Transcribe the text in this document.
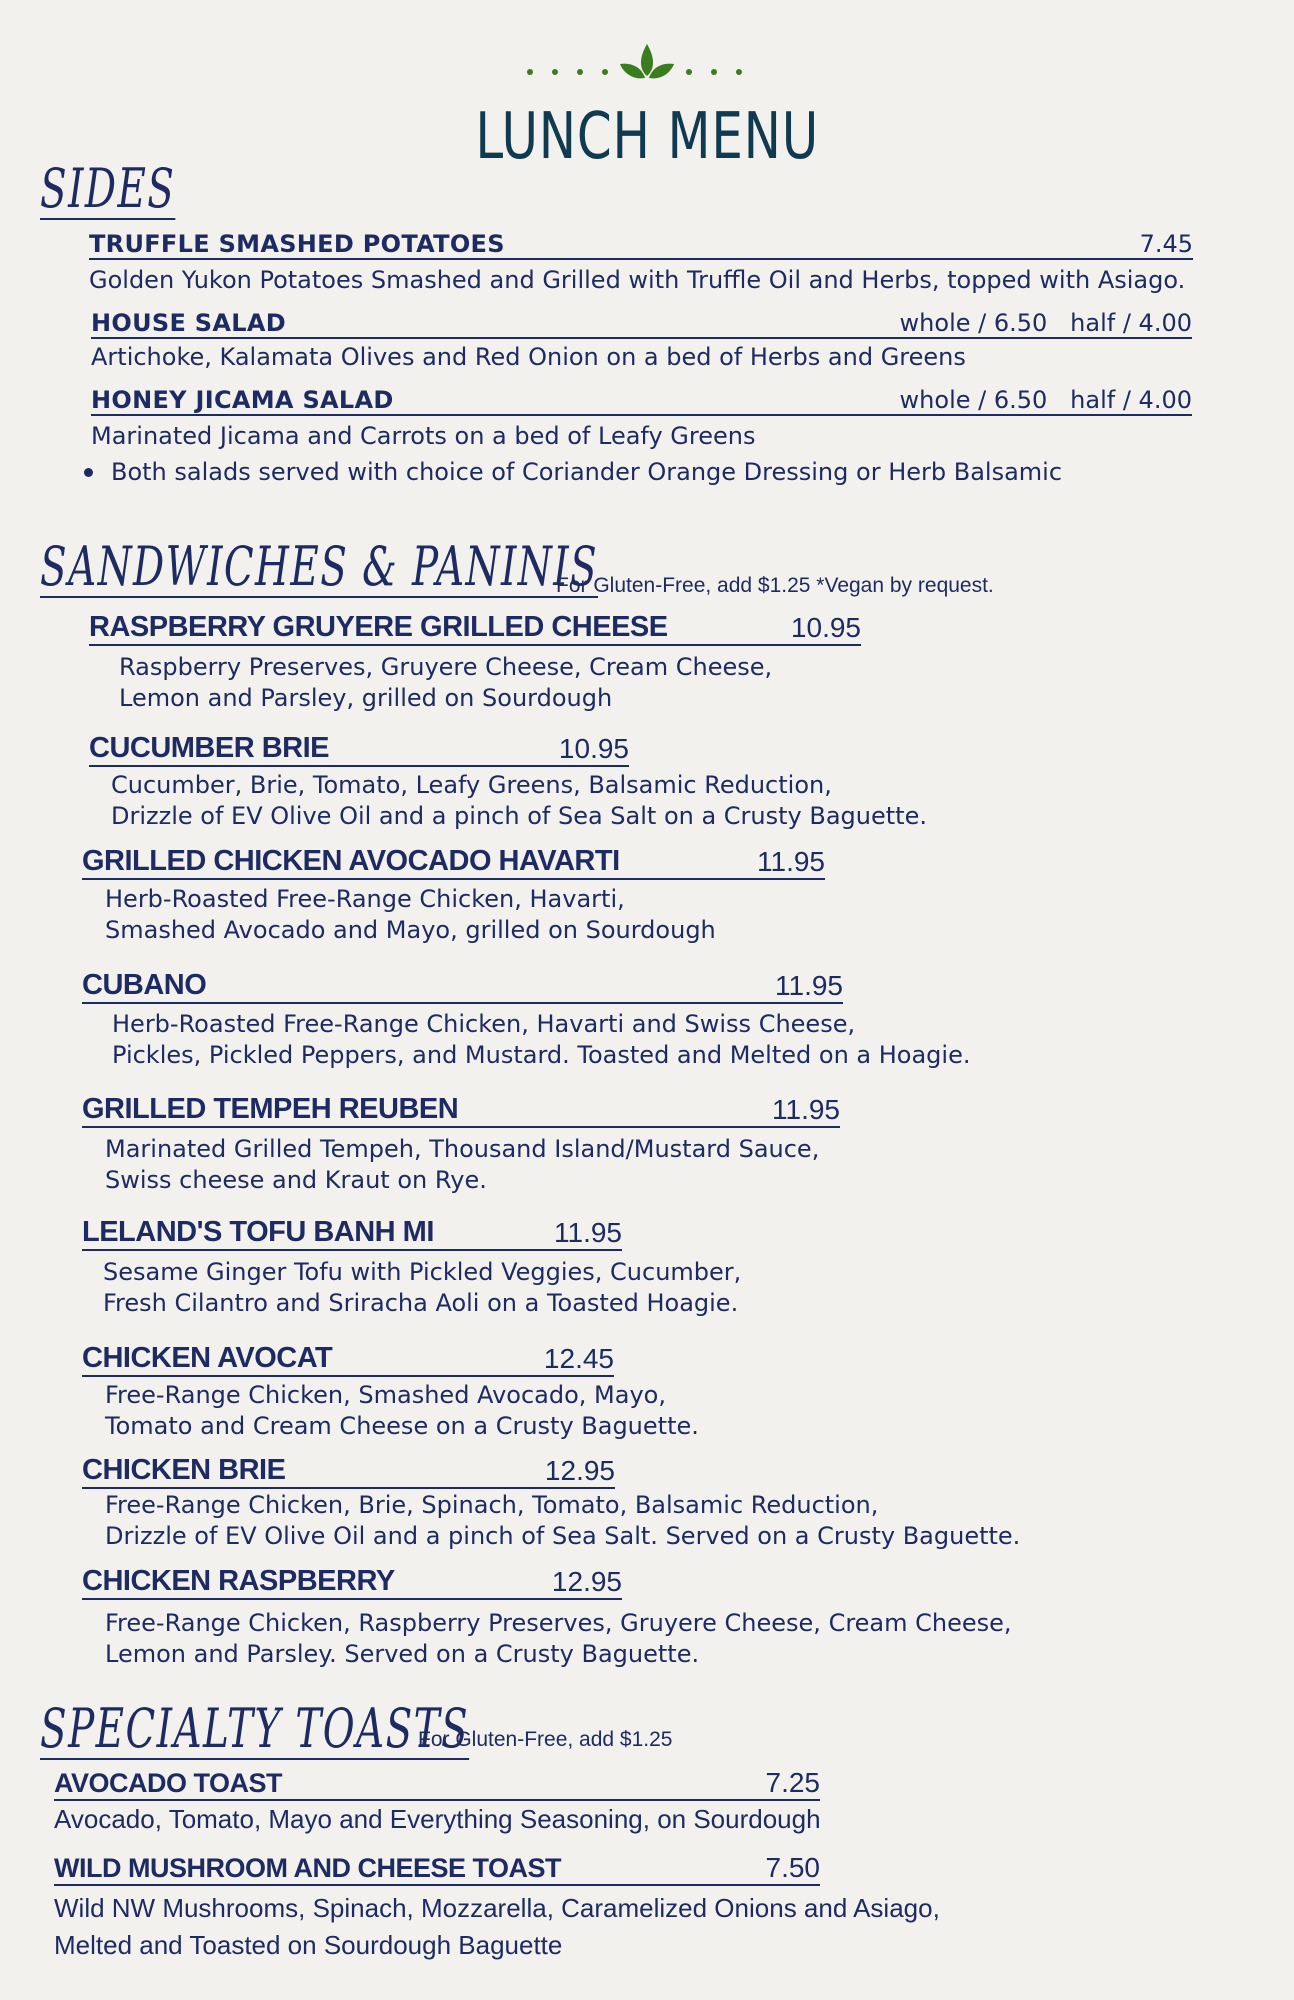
LUNCH MENU
SIDES
TRUFFLE SMASHED POTATOES	7.45
Golden Yukon Potatoes Smashed and Grilled with Truffle Oil and Herbs, topped with Asiago.
HOUSE SALAD	whole / 6.50   half / 4.00
Artichoke, Kalamata Olives and Red Onion on a bed of Herbs and Greens
HONEY JICAMA SALAD	whole / 6.50   half / 4.00
Marinated Jicama and Carrots on a bed of Leafy Greens
Both salads served with choice of Coriander Orange Dressing or Herb Balsamic
SANDWICHES & PANINIS
For Gluten-Free, add $1.25 *Vegan by request.
RASPBERRY GRUYERE GRILLED CHEESE	10.95
Raspberry Preserves, Gruyere Cheese, Cream Cheese,
Lemon and Parsley, grilled on Sourdough
CUCUMBER BRIE	10.95
Cucumber, Brie, Tomato, Leafy Greens, Balsamic Reduction,
Drizzle of EV Olive Oil and a pinch of Sea Salt on a Crusty Baguette.
GRILLED CHICKEN AVOCADO HAVARTI	11.95
Herb-Roasted Free-Range Chicken, Havarti,
Smashed Avocado and Mayo, grilled on Sourdough
CUBANO	11.95
Herb-Roasted Free-Range Chicken, Havarti and Swiss Cheese,
Pickles, Pickled Peppers, and Mustard. Toasted and Melted on a Hoagie.
GRILLED TEMPEH REUBEN	11.95
Marinated Grilled Tempeh, Thousand Island/Mustard Sauce,
Swiss cheese and Kraut on Rye.
LELAND'S TOFU BANH MI	11.95
Sesame Ginger Tofu with Pickled Veggies, Cucumber,
Fresh Cilantro and Sriracha Aoli on a Toasted Hoagie.
CHICKEN AVOCAT	12.45
Free-Range Chicken, Smashed Avocado, Mayo,
Tomato and Cream Cheese on a Crusty Baguette.
CHICKEN BRIE	12.95
Free-Range Chicken, Brie, Spinach, Tomato, Balsamic Reduction,
Drizzle of EV Olive Oil and a pinch of Sea Salt. Served on a Crusty Baguette.
CHICKEN RASPBERRY	12.95
Free-Range Chicken, Raspberry Preserves, Gruyere Cheese, Cream Cheese,
Lemon and Parsley. Served on a Crusty Baguette.
SPECIALTY TOASTS
For Gluten-Free, add $1.25
AVOCADO TOAST	7.25
Avocado, Tomato, Mayo and Everything Seasoning, on Sourdough
WILD MUSHROOM AND CHEESE TOAST	7.50
Wild NW Mushrooms, Spinach, Mozzarella, Caramelized Onions and Asiago,
Melted and Toasted on Sourdough Baguette
